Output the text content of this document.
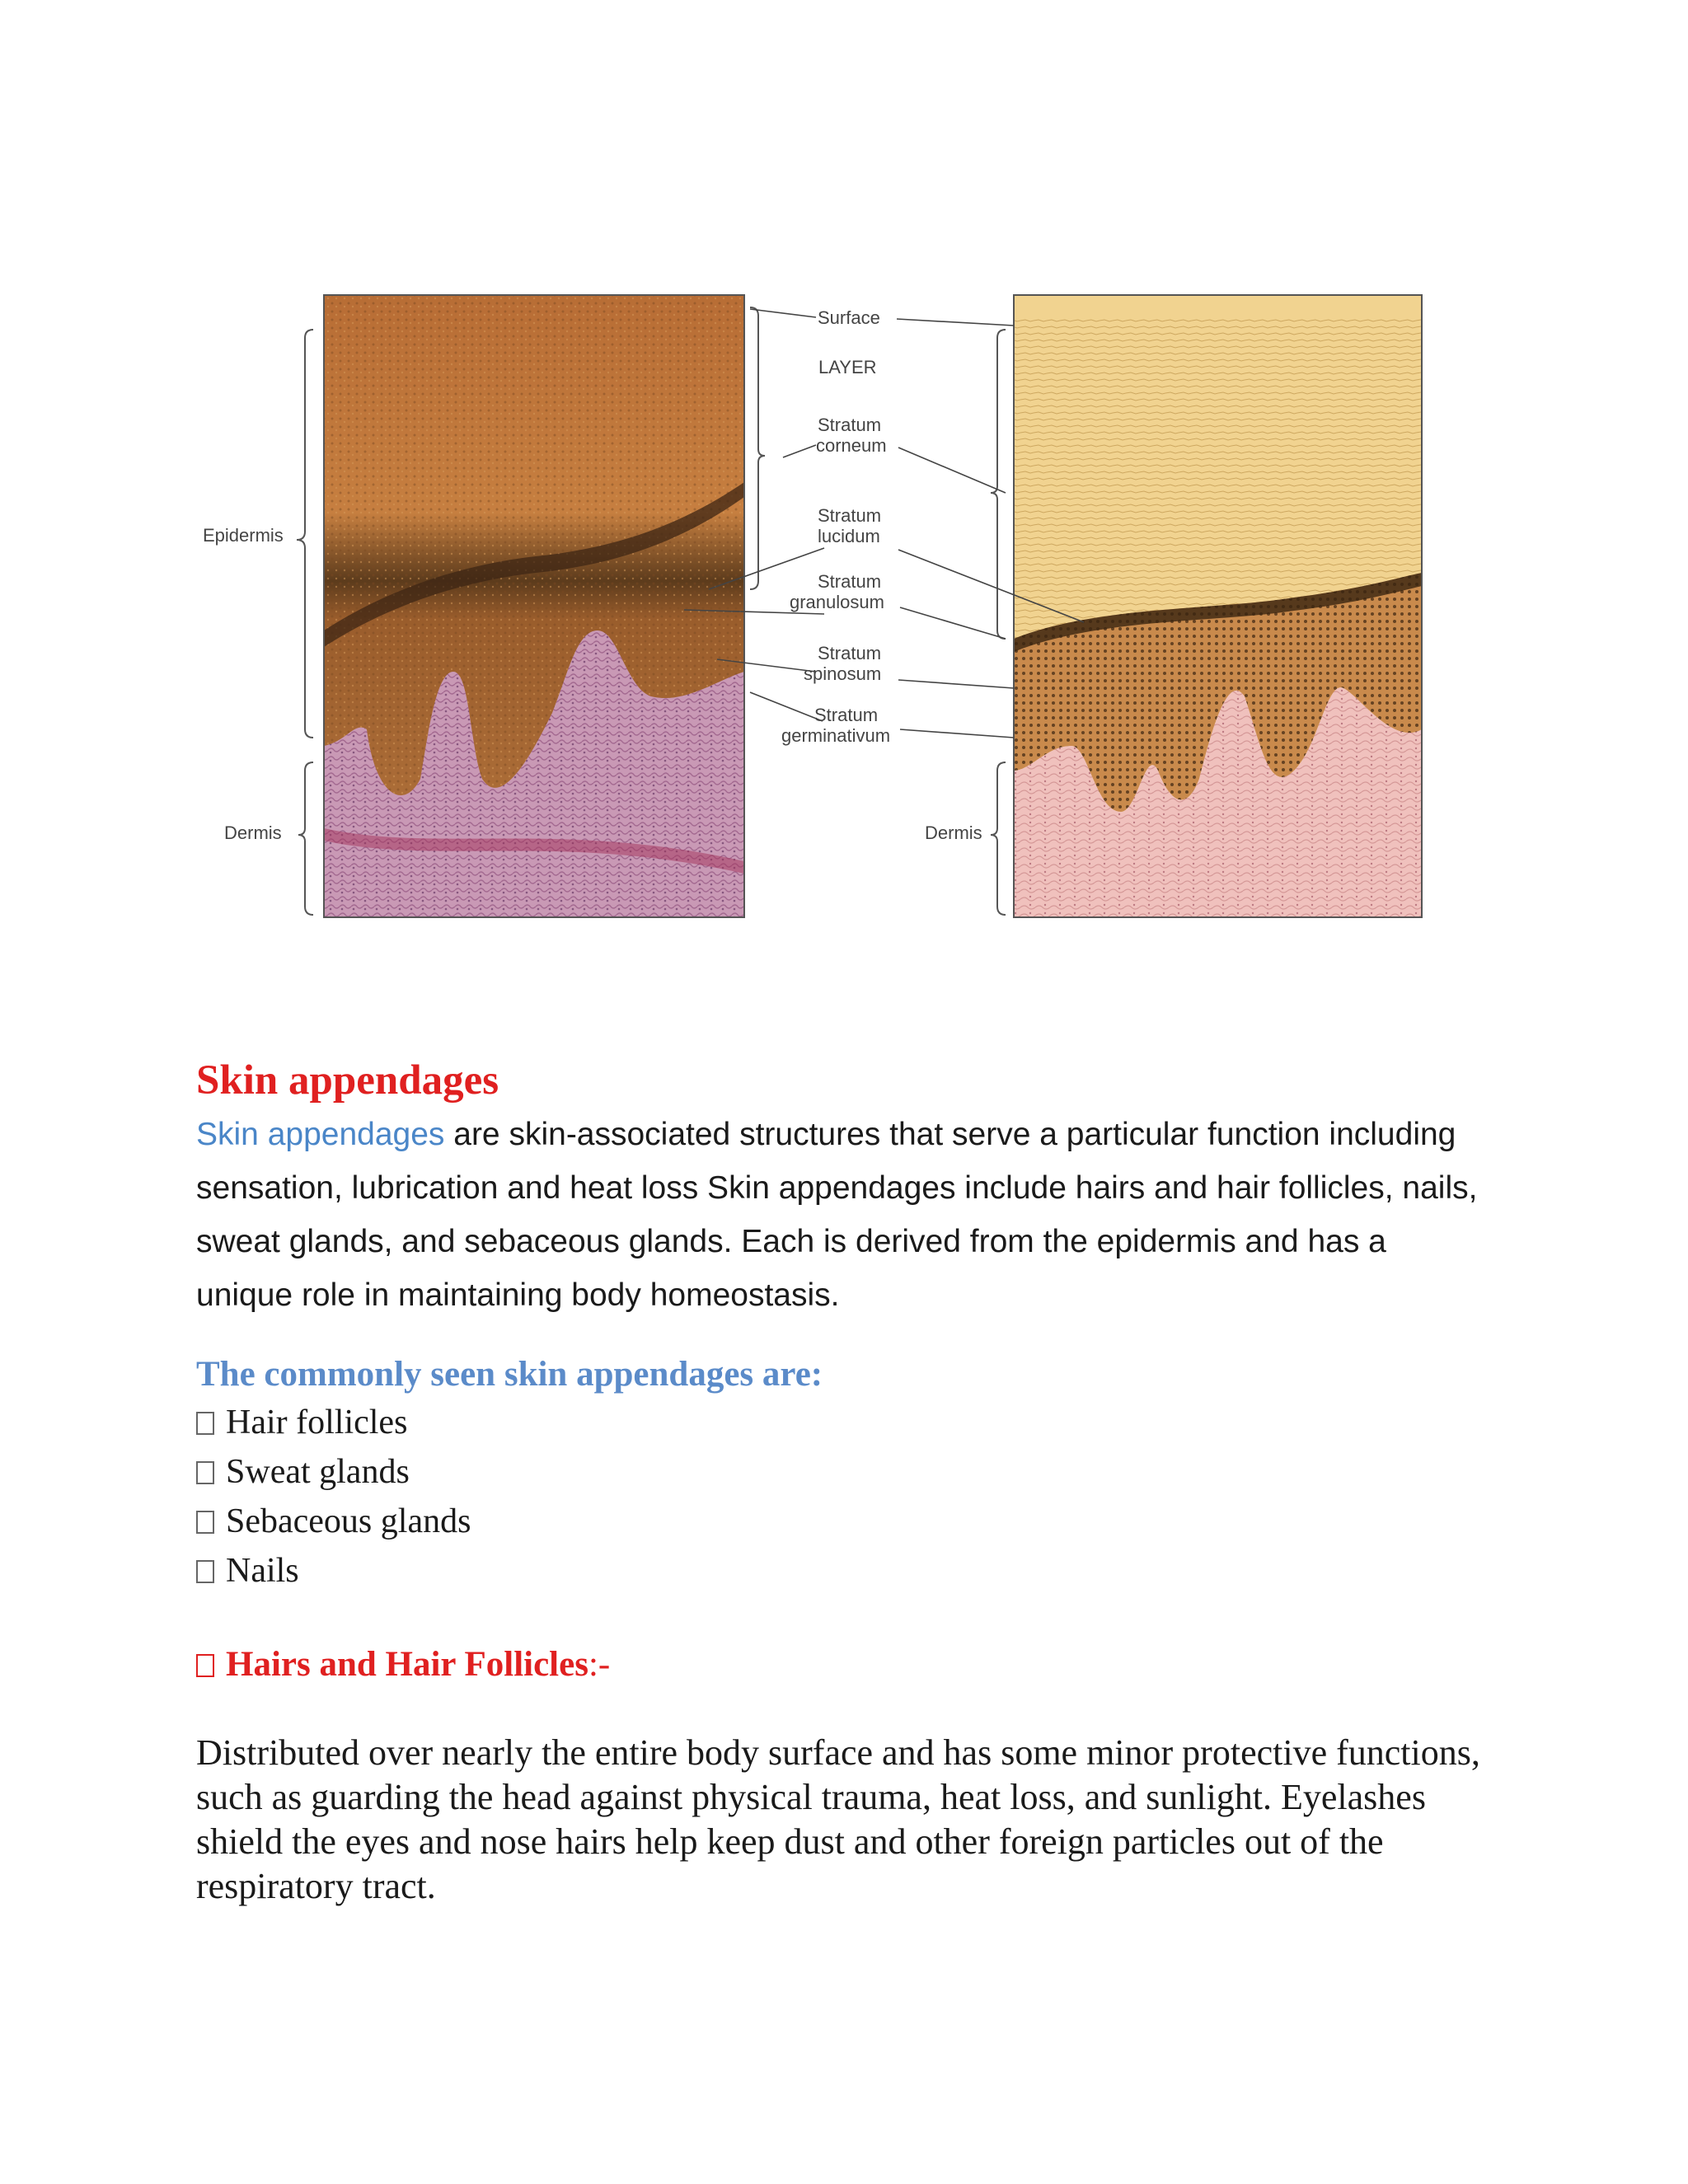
Epidermis
Dermis	Dermis
Surface
LAYER
Stratum
corneum
Stratum
lucidum
Stratum
granulosum
Stratum
spinosum
Stratum
germinativum
Skin appendages

Skin appendages are skin-associated structures that serve a particular function including sensation, lubrication and heat loss Skin appendages include hairs and hair follicles, nails, sweat glands, and sebaceous glands. Each is derived from the epidermis and has a unique role in maintaining body homeostasis.

The commonly seen skin appendages are:
Hair follicles
Sweat glands
Sebaceous glands
Nails
Hairs and Hair Follicles:-

Distributed over nearly the entire body surface and has some minor protective functions, such as guarding the head against physical trauma, heat loss, and sunlight. Eyelashes shield the eyes and nose hairs help keep dust and other foreign particles out of the respiratory tract.
